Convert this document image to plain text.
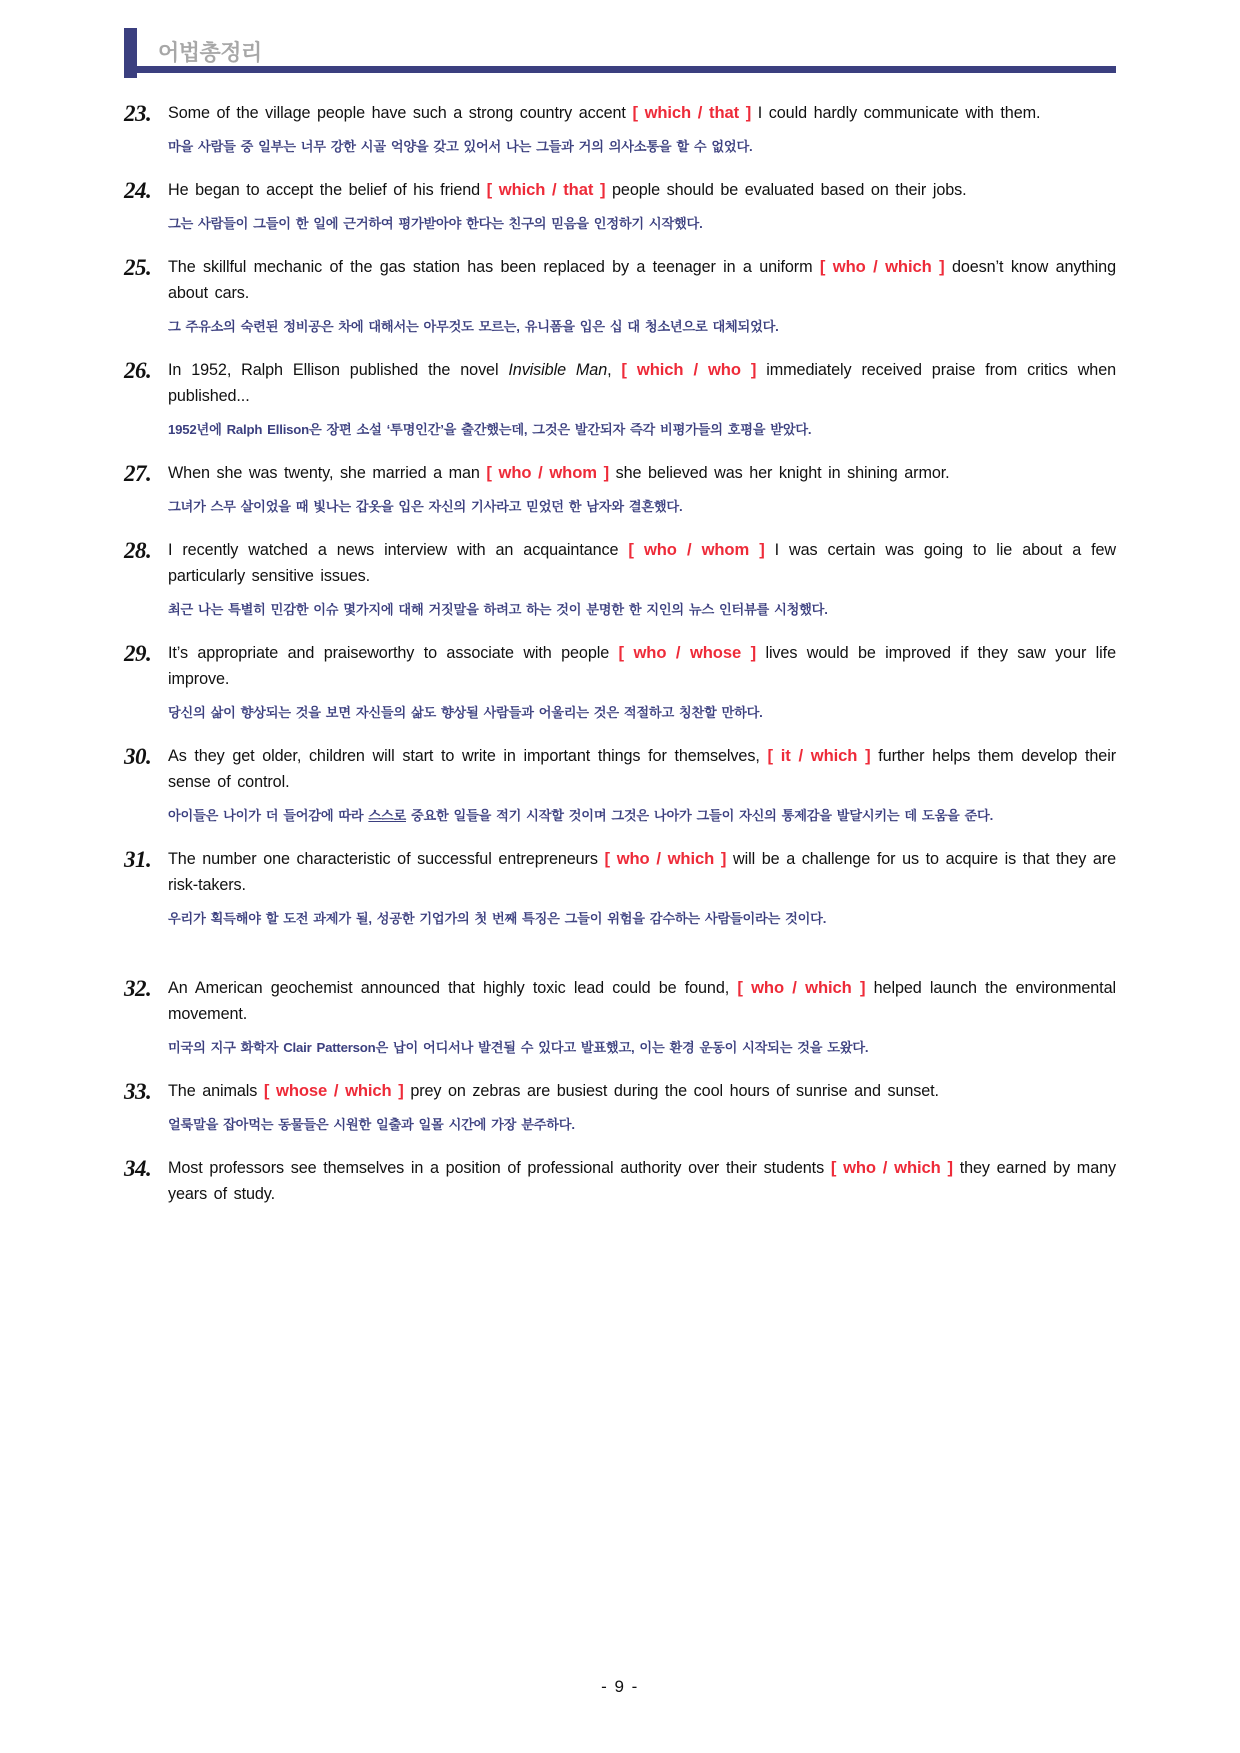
어법총정리
23.	Some of the village people have such a strong country accent [ which / that ] I could hardly communicate with them.
마을 사람들 중 일부는 너무 강한 시골 억양을 갖고 있어서 나는 그들과 거의 의사소통을 할 수 없었다.
24.	He began to accept the belief of his friend [ which / that ] people should be evaluated based on their jobs.
그는 사람들이 그들이 한 일에 근거하여 평가받아야 한다는 친구의 믿음을 인정하기 시작했다.
25.	The skillful mechanic of the gas station has been replaced by a teenager in a uniform [ who / which ] doesn’t know anything about cars.
그 주유소의 숙련된 정비공은 차에 대해서는 아무것도 모르는, 유니폼을 입은 십 대 청소년으로 대체되었다.
26.	In 1952, Ralph Ellison published the novel Invisible Man, [ which / who ] immediately received praise from critics when published...
1952년에 Ralph Ellison은 장편 소설 ‘투명인간’을 출간했는데, 그것은 발간되자 즉각 비평가들의 호평을 받았다.
27.	When she was twenty, she married a man [ who / whom ] she believed was her knight in shining armor.
그녀가 스무 살이었을 때 빛나는 갑옷을 입은 자신의 기사라고 믿었던 한 남자와 결혼했다.
28.	I recently watched a news interview with an acquaintance [ who / whom ] I was certain was going to lie about a few particularly sensitive issues.
최근 나는 특별히 민감한 이슈 몇가지에 대해 거짓말을 하려고 하는 것이 분명한 한 지인의 뉴스 인터뷰를 시청했다.
29.	It’s appropriate and praiseworthy to associate with people [ who / whose ] lives would be improved if they saw your life improve.
당신의 삶이 향상되는 것을 보면 자신들의 삶도 향상될 사람들과 어울리는 것은 적절하고 칭찬할 만하다.
30.	As they get older, children will start to write in important things for themselves, [ it / which ] further helps them develop their sense of control.
아이들은 나이가 더 들어감에 따라 스스로 중요한 일들을 적기 시작할 것이며 그것은 나아가 그들이 자신의 통제감을 발달시키는 데 도움을 준다.
31.	The number one characteristic of successful entrepreneurs [ who / which ] will be a challenge for us to acquire is that they are risk-takers.
우리가 획득해야 할 도전 과제가 될, 성공한 기업가의 첫 번째 특징은 그들이 위험을 감수하는 사람들이라는 것이다.
32.	An American geochemist announced that highly toxic lead could be found, [ who / which ] helped launch the environmental movement.
미국의 지구 화학자 Clair Patterson은 납이 어디서나 발견될 수 있다고 발표했고, 이는 환경 운동이 시작되는 것을 도왔다.
33.	The animals [ whose / which ] prey on zebras are busiest during the cool hours of sunrise and sunset.
얼룩말을 잡아먹는 동물들은 시원한 일출과 일몰 시간에 가장 분주하다.
34.	Most professors see themselves in a position of professional authority over their students [ who / which ] they earned by many years of study.
- 9 -
